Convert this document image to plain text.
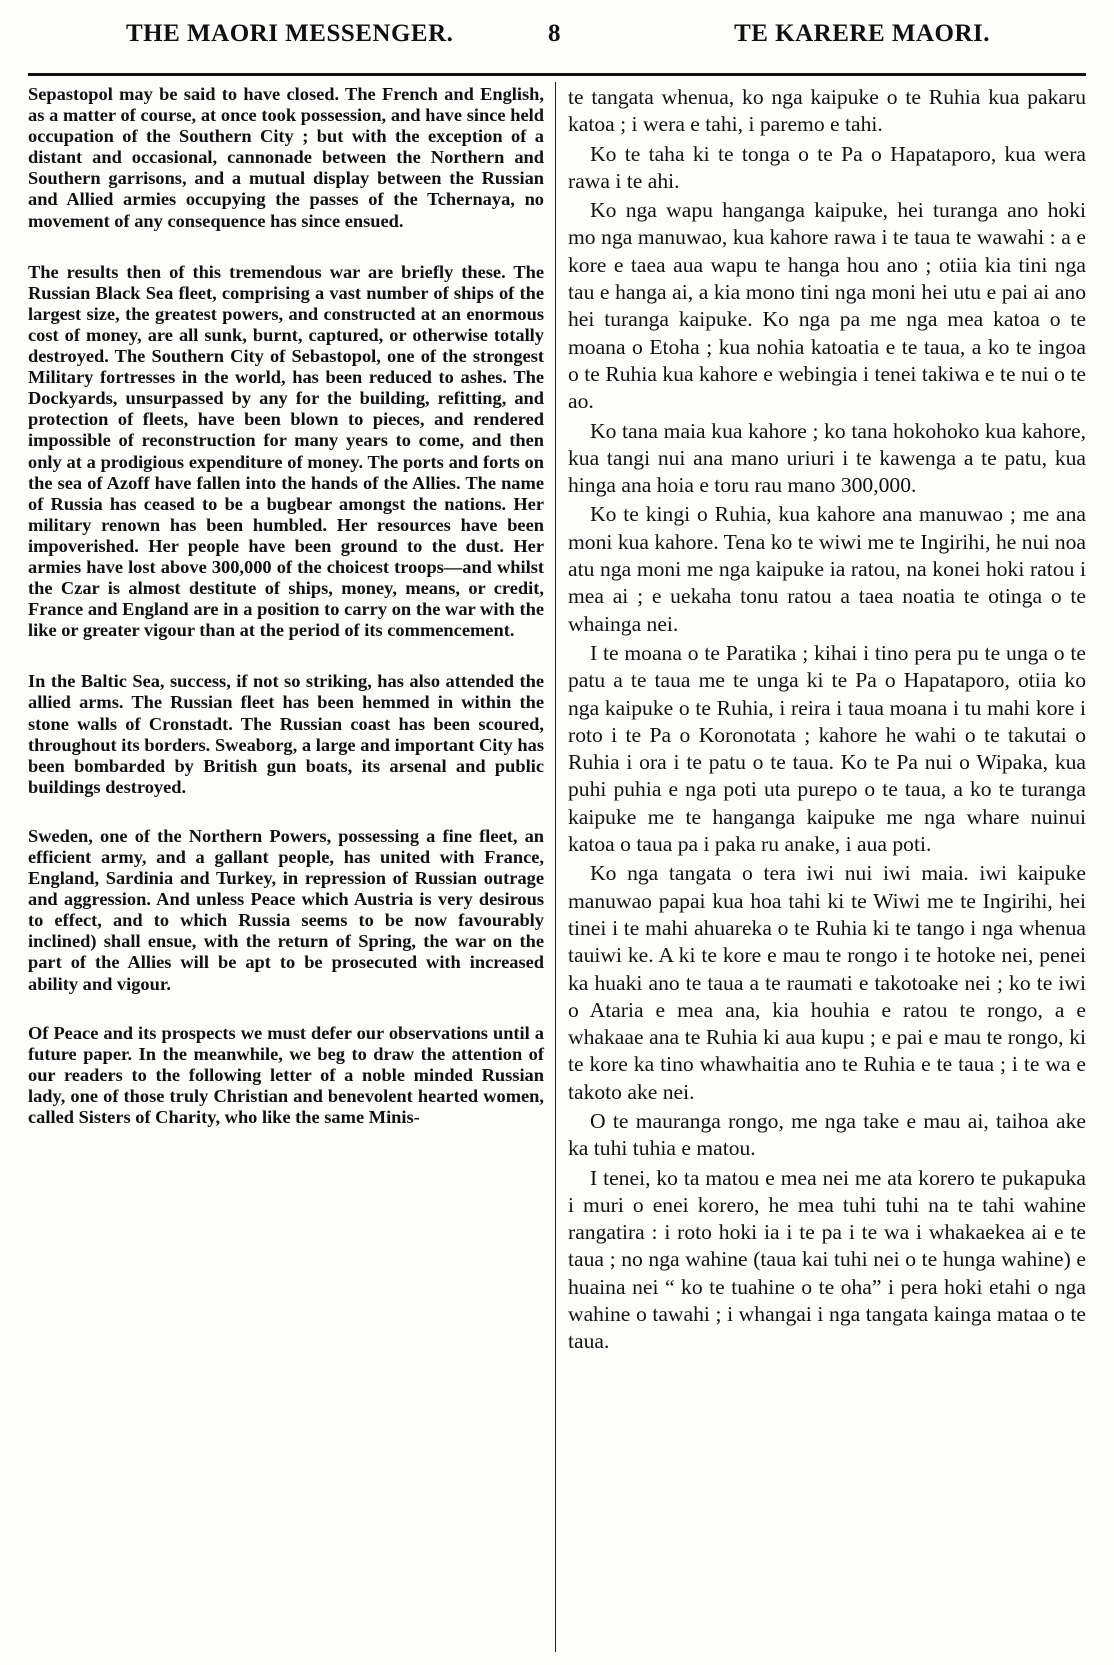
THE MAORI MESSENGER.	8	TE KARERE MAORI.

Sepastopol may be said to have closed. The French and English, as a matter of course, at once took possession, and have since held occupation of the Southern City ; but with the exception of a distant and occasional, cannonade between the Northern and Southern garrisons, and a mutual display between the Russian and Allied armies occupying the passes of the Tchernaya, no movement of any consequence has since ensued.

The results then of this tremendous war are briefly these. The Russian Black Sea fleet, comprising a vast number of ships of the largest size, the greatest powers, and constructed at an enormous cost of money, are all sunk, burnt, captured, or otherwise totally destroyed. The Southern City of Sebastopol, one of the strongest Military fortresses in the world, has been reduced to ashes. The Dockyards, unsurpassed by any for the building, refitting, and protection of fleets, have been blown to pieces, and rendered impossible of reconstruction for many years to come, and then only at a prodigious expenditure of money. The ports and forts on the sea of Azoff have fallen into the hands of the Allies. The name of Russia has ceased to be a bugbear amongst the nations. Her military renown has been humbled. Her resources have been impoverished. Her people have been ground to the dust. Her armies have lost above 300,000 of the choicest troops—and whilst the Czar is almost destitute of ships, money, means, or credit, France and England are in a position to carry on the war with the like or greater vigour than at the period of its commencement.

In the Baltic Sea, success, if not so striking, has also attended the allied arms. The Russian fleet has been hemmed in within the stone walls of Cronstadt. The Russian coast has been scoured, throughout its borders. Sweaborg, a large and important City has been bombarded by British gun boats, its arsenal and public buildings destroyed.

Sweden, one of the Northern Powers, possessing a fine fleet, an efficient army, and a gallant people, has united with France, England, Sardinia and Turkey, in repression of Russian outrage and aggression. And unless Peace which Austria is very desirous to effect, and to which Russia seems to be now favourably inclined) shall ensue, with the return of Spring, the war on the part of the Allies will be apt to be prosecuted with increased ability and vigour.

Of Peace and its prospects we must defer our observations until a future paper. In the meanwhile, we beg to draw the attention of our readers to the following letter of a noble minded Russian lady, one of those truly Christian and benevolent hearted women, called Sisters of Charity, who like the same Minis-

te tangata whenua, ko nga kaipuke o te Ruhia kua pakaru katoa ; i wera e tahi, i paremo e tahi.

Ko te taha ki te tonga o te Pa o Hapataporo, kua wera rawa i te ahi.

Ko nga wapu hanganga kaipuke, hei turanga ano hoki mo nga manuwao, kua kahore rawa i te taua te wawahi : a e kore e taea aua wapu te hanga hou ano ; otiia kia tini nga tau e hanga ai, a kia mono tini nga moni hei utu e pai ai ano hei turanga kaipuke. Ko nga pa me nga mea katoa o te moana o Etoha ; kua nohia katoatia e te taua, a ko te ingoa o te Ruhia kua kahore e webingia i tenei takiwa e te nui o te ao.

Ko tana maia kua kahore ; ko tana hokohoko kua kahore, kua tangi nui ana mano uriuri i te kawenga a te patu, kua hinga ana hoia e toru rau mano 300,000.

Ko te kingi o Ruhia, kua kahore ana manuwao ; me ana moni kua kahore. Tena ko te wiwi me te Ingirihi, he nui noa atu nga moni me nga kaipuke ia ratou, na konei hoki ratou i mea ai ; e uekaha tonu ratou a taea noatia te otinga o te whainga nei.

I te moana o te Paratika ; kihai i tino pera pu te unga o te patu a te taua me te unga ki te Pa o Hapataporo, otiia ko nga kaipuke o te Ruhia, i reira i taua moana i tu mahi kore i roto i te Pa o Koronotata ; kahore he wahi o te takutai o Ruhia i ora i te patu o te taua. Ko te Pa nui o Wipaka, kua puhi puhia e nga poti uta purepo o te taua, a ko te turanga kaipuke me te hanganga kaipuke me nga whare nuinui katoa o taua pa i paka ru anake, i aua poti.

Ko nga tangata o tera iwi nui iwi maia. iwi kaipuke manuwao papai kua hoa tahi ki te Wiwi me te Ingirihi, hei tinei i te mahi ahuareka o te Ruhia ki te tango i nga whenua tauiwi ke. A ki te kore e mau te rongo i te hotoke nei, penei ka huaki ano te taua a te raumati e takotoake nei ; ko te iwi o Ataria e mea ana, kia houhia e ratou te rongo, a e whakaae ana te Ruhia ki aua kupu ; e pai e mau te rongo, ki te kore ka tino whawhaitia ano te Ruhia e te taua ; i te wa e takoto ake nei.

O te mauranga rongo, me nga take e mau ai, taihoa ake ka tuhi tuhia e matou.

I tenei, ko ta matou e mea nei me ata korero te pukapuka i muri o enei korero, he mea tuhi tuhi na te tahi wahine rangatira : i roto hoki ia i te pa i te wa i whakaekea ai e te taua ; no nga wahine (taua kai tuhi nei o te hunga wahine) e huaina nei “ ko te tuahine o te oha” i pera hoki etahi o nga wahine o tawahi ; i whangai i nga tangata kainga mataa o te taua.
